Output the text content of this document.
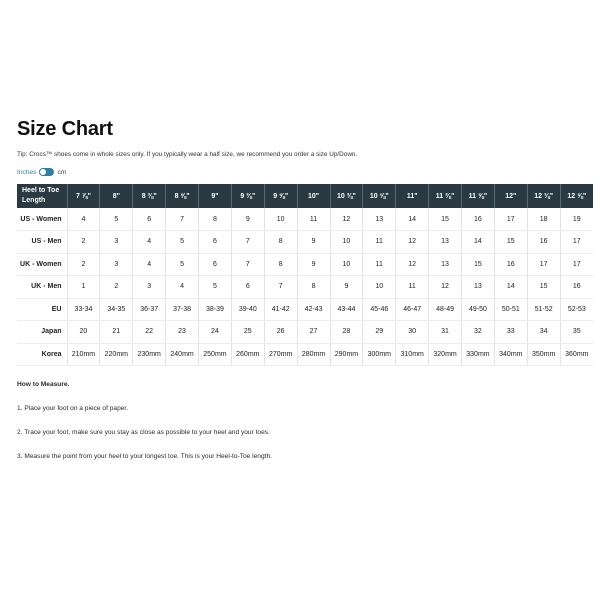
Size Chart

Tip: Crocs™ shoes come in whole sizes only. If you typically wear a half size, we recommend you order a size Up/Down.

Inches	cm
Heel to Toe
Length	7 ⅞"	8"	8 ⅜"	8 ⅝"	9"	9 ⅜"	9 ⅝"	10"	10 ⅜"	10 ⅝"	11"	11 ⅜"	11 ⅝"	12"	12 ⅜"	12 ⅝"
US - Women	4	5	6	7	8	9	10	11	12	13	14	15	16	17	18	19
US - Men	2	3	4	5	6	7	8	9	10	11	12	13	14	15	16	17
UK - Women	2	3	4	5	6	7	8	9	10	11	12	13	15	16	17	17
UK - Men	1	2	3	4	5	6	7	8	9	10	11	12	13	14	15	16
EU	33-34	34-35	36-37	37-38	38-39	39-40	41-42	42-43	43-44	45-46	46-47	48-49	49-50	50-51	51-52	52-53
Japan	20	21	22	23	24	25	26	27	28	29	30	31	32	33	34	35
Korea	210mm	220mm	230mm	240mm	250mm	260mm	270mm	280mm	290mm	300mm	310mm	320mm	330mm	340mm	350mm	360mm

How to Measure.

1. Place your foot on a piece of paper.

2. Trace your foot, make sure you stay as close as possible to your heel and your toes.

3. Measure the point from your heel to your longest toe. This is your Heel-to-Toe length.
